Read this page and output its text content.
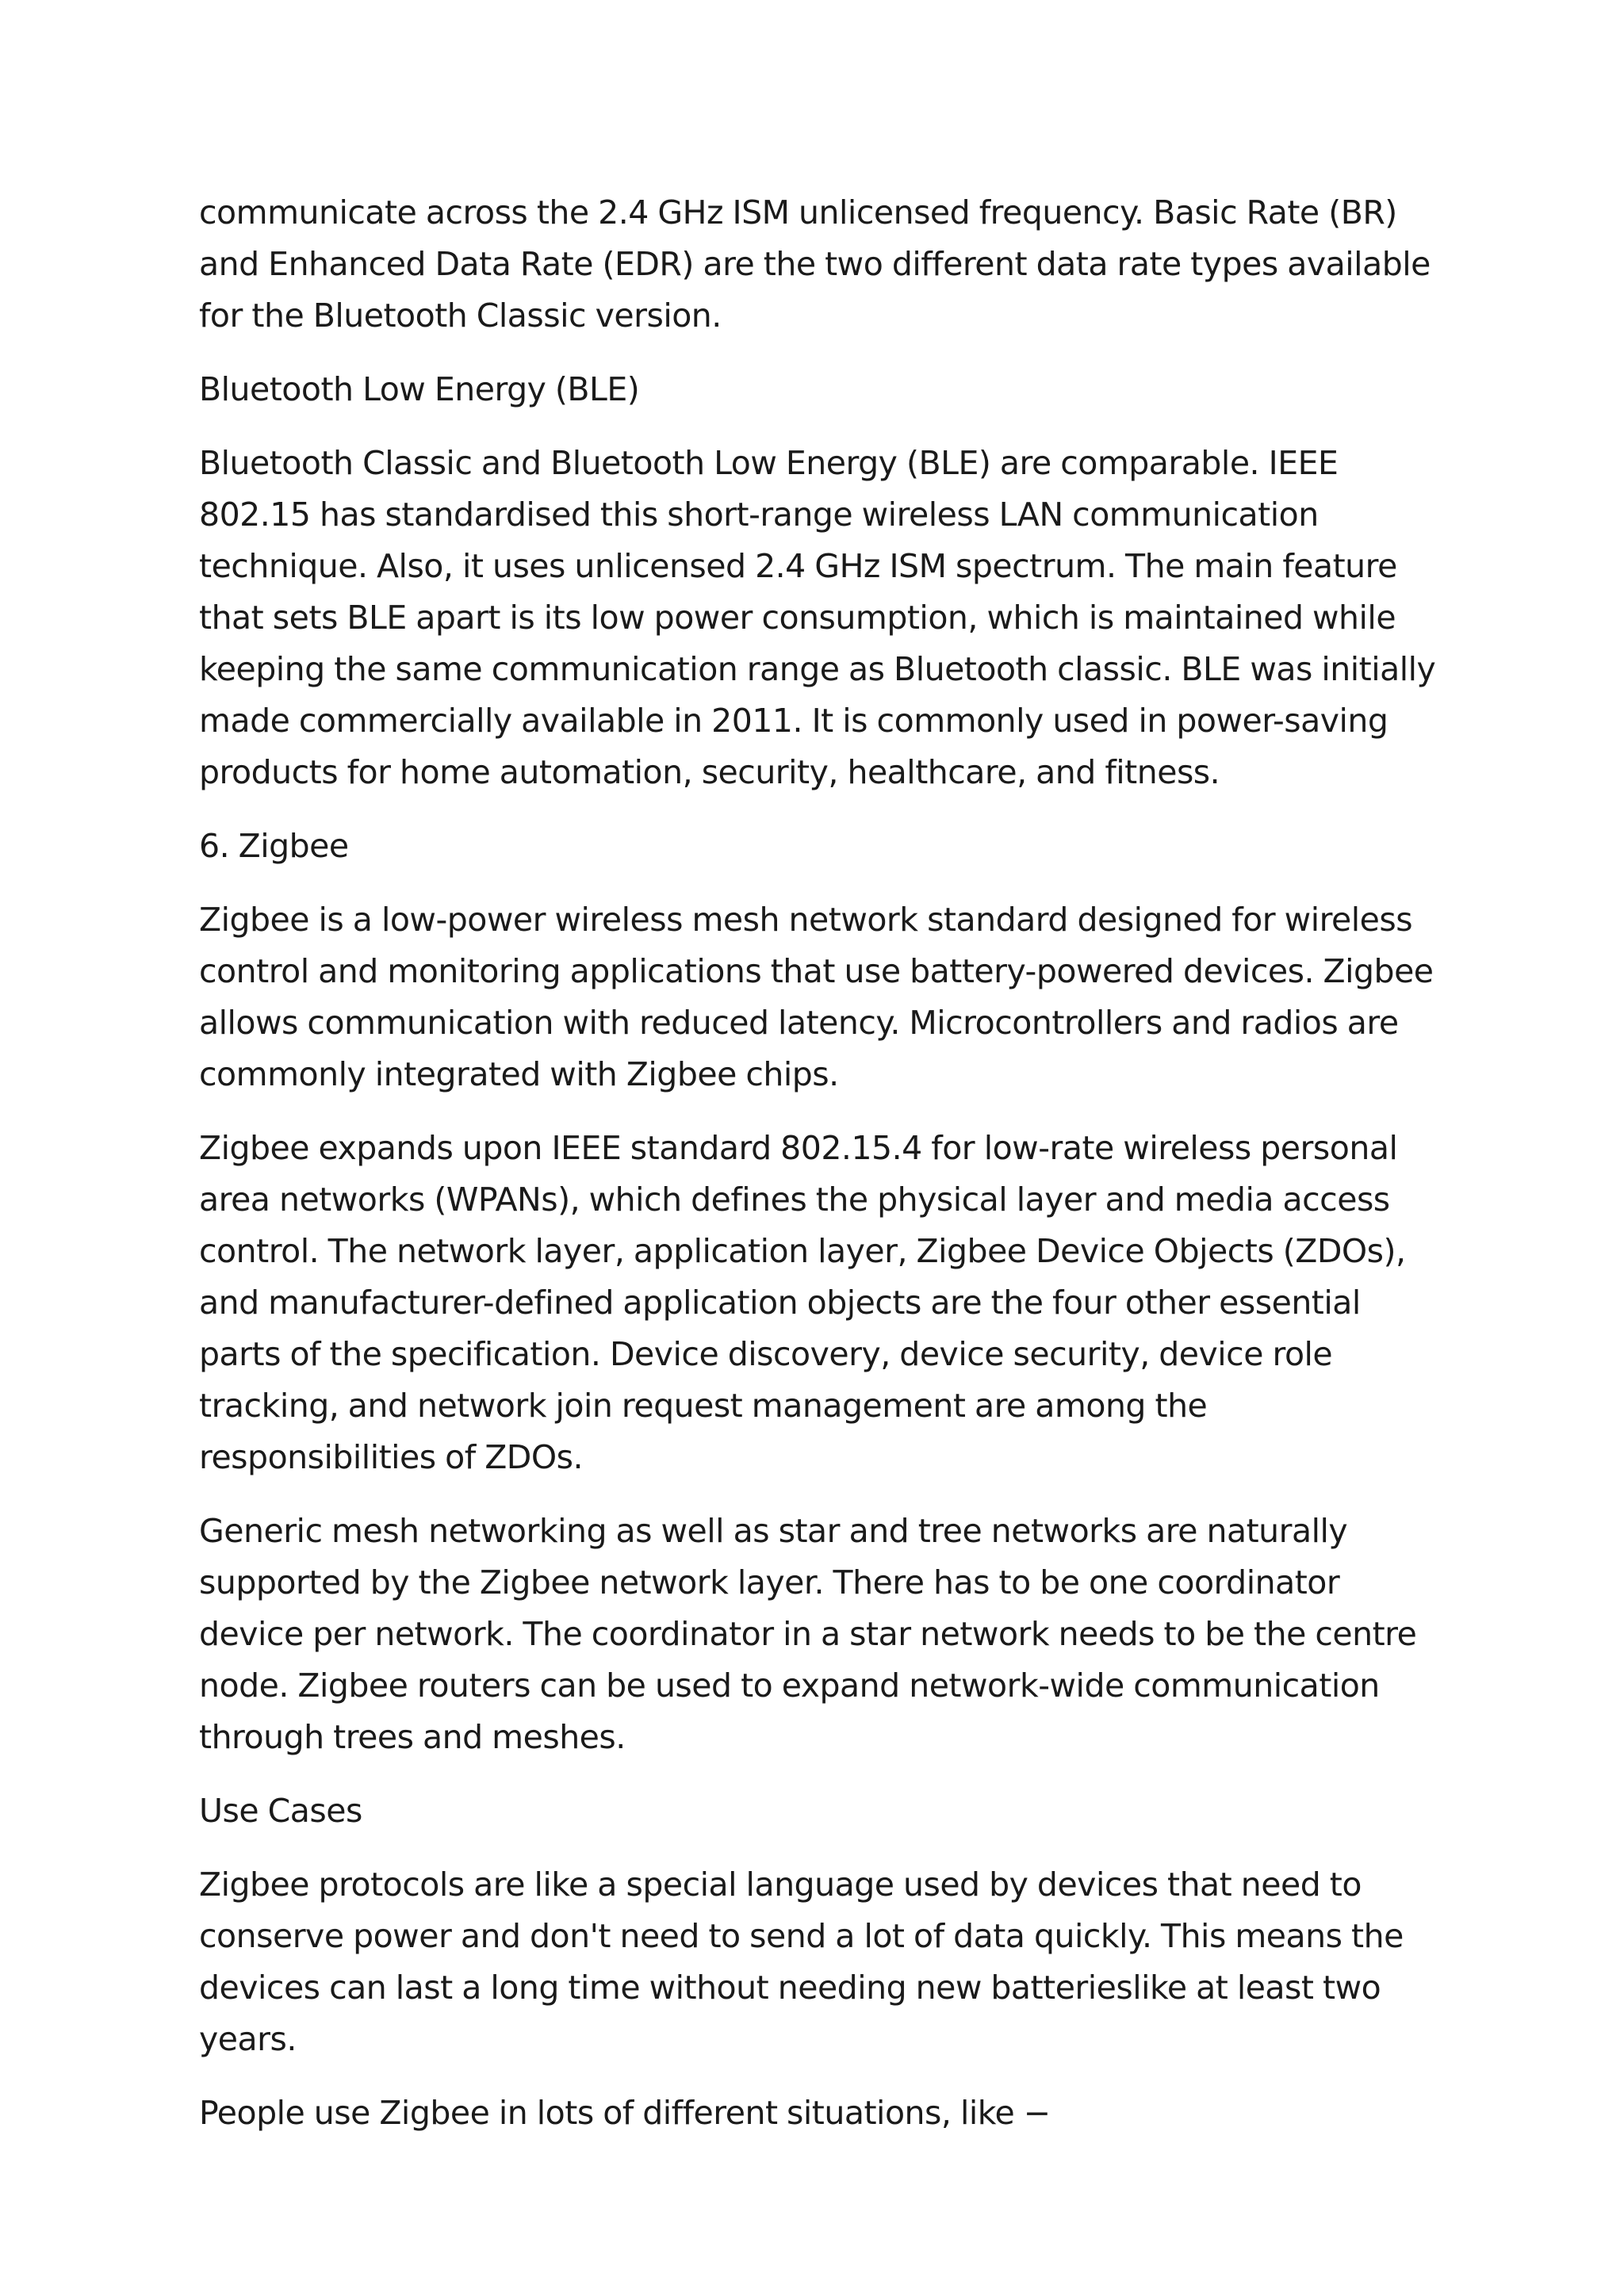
communicate across the 2.4 GHz ISM unlicensed frequency. Basic Rate (BR) and Enhanced Data Rate (EDR) are the two different data rate types available for the Bluetooth Classic version.

Bluetooth Low Energy (BLE)

Bluetooth Classic and Bluetooth Low Energy (BLE) are comparable. IEEE 802.15 has standardised this short-range wireless LAN communication technique. Also, it uses unlicensed 2.4 GHz ISM spectrum. The main feature that sets BLE apart is its low power consumption, which is maintained while keeping the same communication range as Bluetooth classic. BLE was initially made commercially available in 2011. It is commonly used in power-saving products for home automation, security, healthcare, and fitness.

6. Zigbee

Zigbee is a low-power wireless mesh network standard designed for wireless control and monitoring applications that use battery-powered devices. Zigbee allows communication with reduced latency. Microcontrollers and radios are commonly integrated with Zigbee chips.

Zigbee expands upon IEEE standard 802.15.4 for low-rate wireless personal area networks (WPANs), which defines the physical layer and media access control. The network layer, application layer, Zigbee Device Objects (ZDOs), and manufacturer-defined application objects are the four other essential parts of the specification. Device discovery, device security, device role tracking, and network join request management are among the responsibilities of ZDOs.

Generic mesh networking as well as star and tree networks are naturally supported by the Zigbee network layer. There has to be one coordinator device per network. The coordinator in a star network needs to be the centre node. Zigbee routers can be used to expand network-wide communication through trees and meshes.

Use Cases

Zigbee protocols are like a special language used by devices that need to conserve power and don't need to send a lot of data quickly. This means the devices can last a long time without needing new batterieslike at least two years.

People use Zigbee in lots of different situations, like −
